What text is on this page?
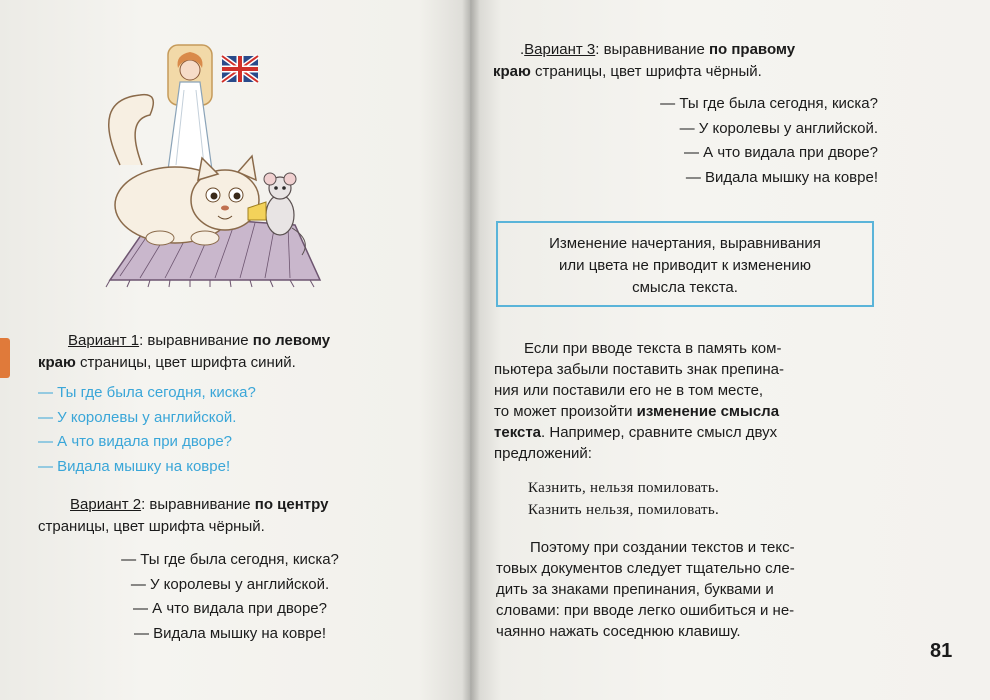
Вариант 1: выравнивание по левому

краю страницы, цвет шрифта синий.

— Ты где была сегодня, киска?

— У королевы у английской.

— А что видала при дворе?

— Видала мышку на ковре!

Вариант 2: выравнивание по центру

страницы, цвет шрифта чёрный.

— Ты где была сегодня, киска?

— У королевы у английской.

— А что видала при дворе?

— Видала мышку на ковре!

.Вариант 3: выравнивание по правому

краю страницы, цвет шрифта чёрный.

— Ты где была сегодня, киска?

— У королевы у английской.

— А что видала при дворе?

— Видала мышку на ковре!

Изменение начертания, выравнивания

или цвета не приводит к изменению

смысла текста.

Если при вводе текста в память ком-

пьютера забыли поставить знак препина-

ния или поставили его не в том месте,

то может произойти изменение смысла

текста. Например, сравните смысл двух

предложений:

Казнить, нельзя помиловать.

Казнить нельзя, помиловать.

Поэтому при создании текстов и текс-

товых документов следует тщательно сле-

дить за знаками препинания, буквами и

словами: при вводе легко ошибиться и не-

чаянно нажать соседнюю клавишу.

81
